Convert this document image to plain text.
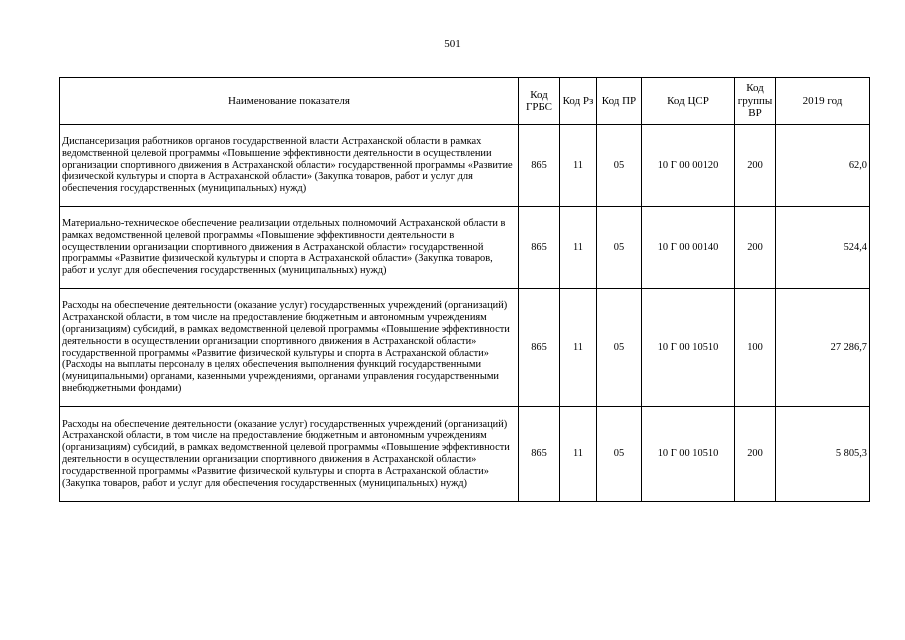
501
Наименование показателя	Код ГРБС	Код Рз	Код ПР	Код ЦСР	Код группы ВР	2019 год
Диспансеризация работников органов государственной власти Астраханской области в рамках ведомственной целевой программы «Повышение эффективности деятельности в осуществлении организации спортивного движения в Астраханской области» государственной программы «Развитие физической культуры и спорта в Астраханской области» (Закупка товаров, работ и услуг для обеспечения государственных (муниципальных) нужд)	865	11	05	10 Г 00 00120	200	62,0
Материально-техническое обеспечение реализации отдельных полномочий Астраханской области в рамках ведомственной целевой программы «Повышение эффективности деятельности в осуществлении организации спортивного движения в Астраханской области» государственной программы «Развитие физической культуры и спорта в Астраханской области» (Закупка товаров, работ и услуг для обеспечения государственных (муниципальных) нужд)	865	11	05	10 Г 00 00140	200	524,4
Расходы на обеспечение деятельности (оказание услуг) государственных учреждений (организаций) Астраханской области, в том числе на предоставление бюджетным и автономным учреждениям (организациям) субсидий, в рамках ведомственной целевой программы «Повышение эффективности деятельности в осуществлении организации спортивного движения в Астраханской области» государственной программы «Развитие физической культуры и спорта в Астраханской области» (Расходы на выплаты персоналу в целях обеспечения выполнения функций государственными (муниципальными) органами, казенными учреждениями, органами управления государственными внебюджетными фондами)	865	11	05	10 Г 00 10510	100	27 286,7
Расходы на обеспечение деятельности (оказание услуг) государственных учреждений (организаций) Астраханской области, в том числе на предоставление бюджетным и автономным учреждениям (организациям) субсидий, в рамках ведомственной целевой программы «Повышение эффективности деятельности в осуществлении организации спортивного движения в Астраханской области» государственной программы «Развитие физической культуры и спорта в Астраханской области» (Закупка товаров, работ и услуг для обеспечения государственных (муниципальных) нужд)	865	11	05	10 Г 00 10510	200	5 805,3
